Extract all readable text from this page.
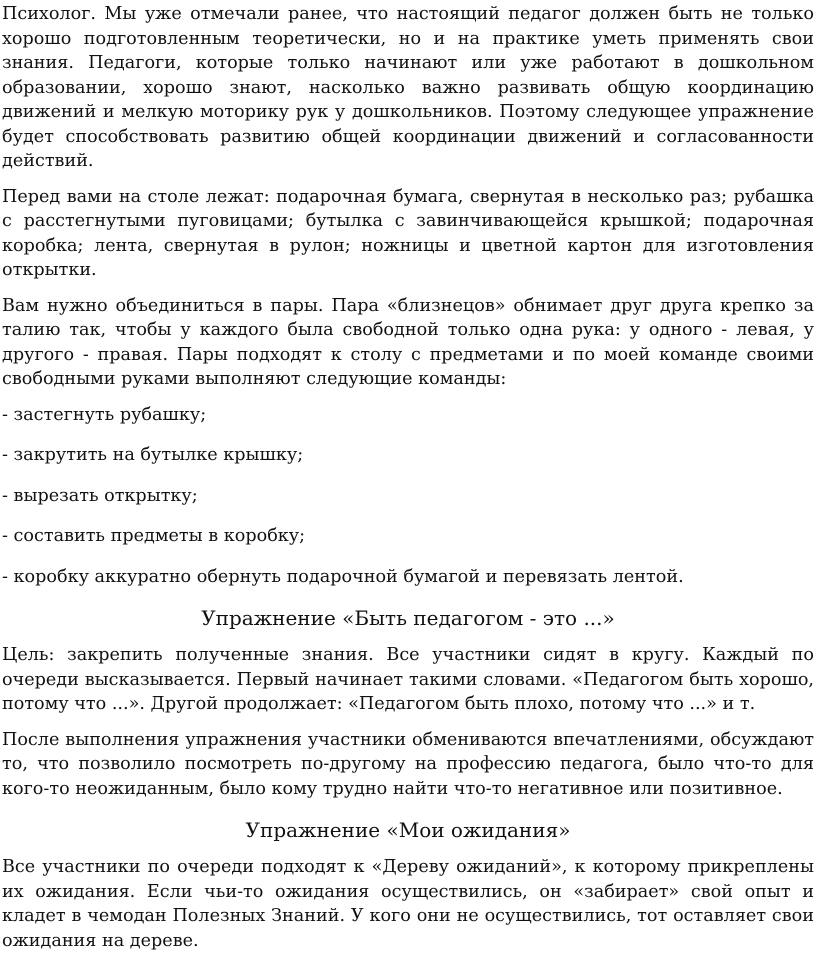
Психолог. Мы уже отмечали ранее, что настоящий педагог должен быть не только хорошо подготовленным теоретически, но и на практике уметь применять свои знания. Педагоги, которые только начинают или уже работают в дошкольном образовании, хорошо знают, насколько важно развивать общую координацию движений и мелкую моторику рук у дошкольников. Поэтому следующее упражнение будет способствовать развитию общей координации движений и согласованности действий.

Перед вами на столе лежат: подарочная бумага, свернутая в несколько раз; рубашка с расстегнутыми пуговицами; бутылка с завинчивающейся крышкой; подарочная коробка; лента, свернутая в рулон; ножницы и цветной картон для изготовления открытки.

Вам нужно объединиться в пары. Пара «близнецов» обнимает друг друга крепко за талию так, чтобы у каждого была свободной только одна рука: у одного - левая, у другого - правая. Пары подходят к столу с предметами и по моей команде своими свободными руками выполняют следующие команды:

- застегнуть рубашку;
- закрутить на бутылке крышку;
- вырезать открытку;
- составить предметы в коробку;
- коробку аккуратно обернуть подарочной бумагой и перевязать лентой.
Упражнение «Быть педагогом - это ...»

Цель: закрепить полученные знания. Все участники сидят в кругу. Каждый по очереди высказывается. Первый начинает такими словами. «Педагогом быть хорошо, потому что ...». Другой продолжает: «Педагогом быть плохо, потому что ...» и т.

После выполнения упражнения участники обмениваются впечатлениями, обсуждают то, что позволило посмотреть по-другому на профессию педагога, было что-то для кого-то неожиданным, было кому трудно найти что-то негативное или позитивное.

Упражнение «Мои ожидания»

Все участники по очереди подходят к «Дереву ожиданий», к которому прикреплены их ожидания. Если чьи-то ожидания осуществились, он «забирает» свой опыт и кладет в чемодан Полезных Знаний. У кого они не осуществились, тот оставляет свои ожидания на дереве.
